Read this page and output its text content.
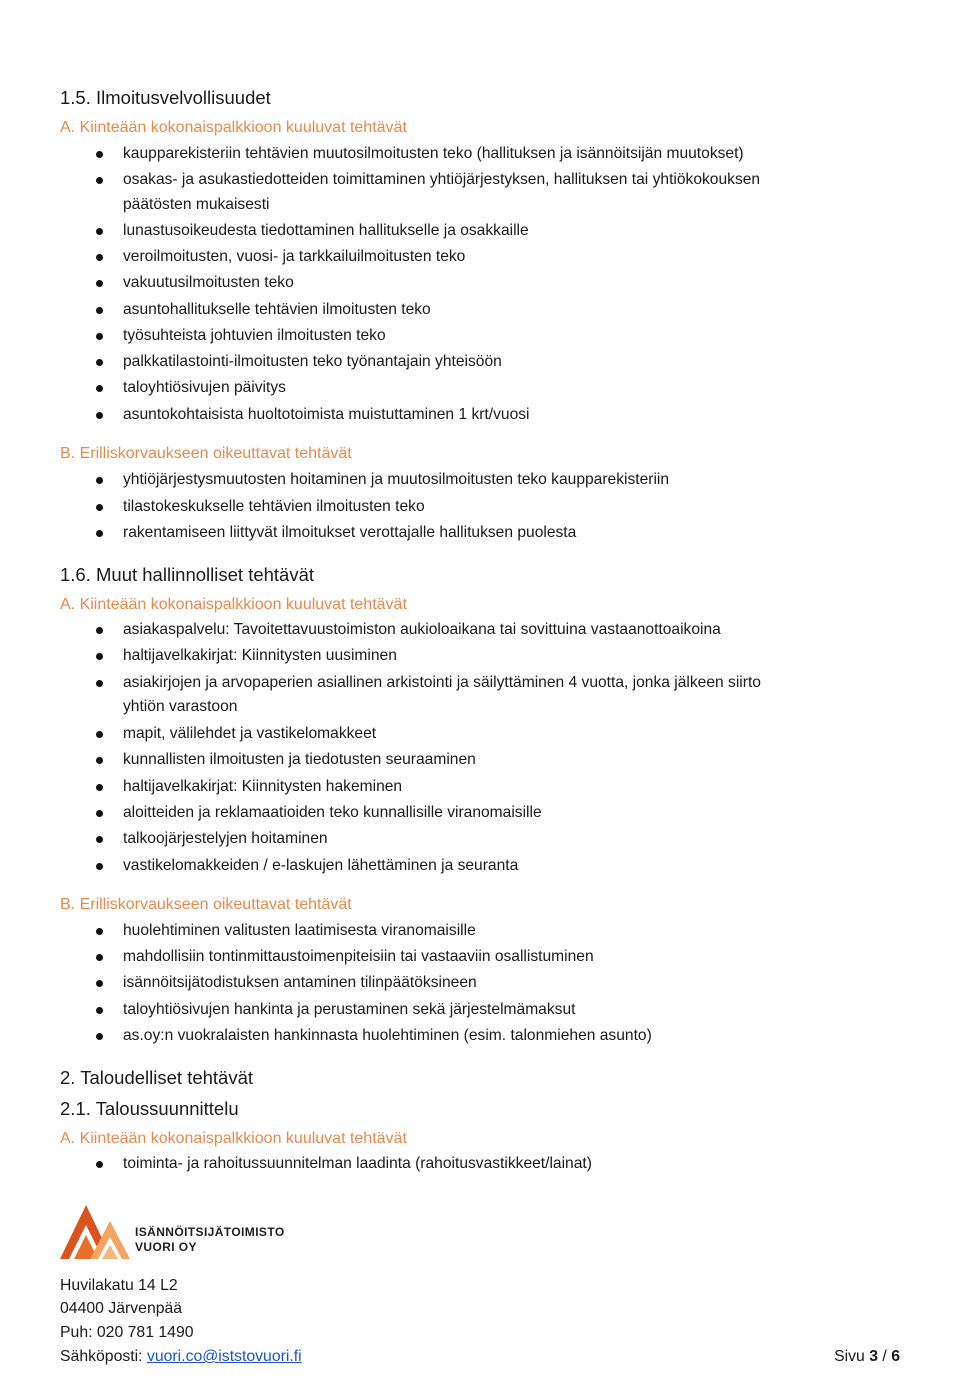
1.5. Ilmoitusvelvollisuudet
A. Kiinteään kokonaispalkkioon kuuluvat tehtävät
kaupparekisteriin tehtävien muutosilmoitusten teko (hallituksen ja isännöitsijän muutokset)
osakas- ja asukastiedotteiden toimittaminen yhtiöjärjestyksen, hallituksen tai yhtiökokouksen
päätösten mukaisesti
lunastusoikeudesta tiedottaminen hallitukselle ja osakkaille
veroilmoitusten, vuosi- ja tarkkailuilmoitusten teko
vakuutusilmoitusten teko
asuntohallitukselle tehtävien ilmoitusten teko
työsuhteista johtuvien ilmoitusten teko
palkkatilastointi-ilmoitusten teko työnantajain yhteisöön
taloyhtiösivujen päivitys
asuntokohtaisista huoltotoimista muistuttaminen 1 krt/vuosi
B. Erilliskorvaukseen oikeuttavat tehtävät
yhtiöjärjestysmuutosten hoitaminen ja muutosilmoitusten teko kaupparekisteriin
tilastokeskukselle tehtävien ilmoitusten teko
rakentamiseen liittyvät ilmoitukset verottajalle hallituksen puolesta
1.6. Muut hallinnolliset tehtävät
A. Kiinteään kokonaispalkkioon kuuluvat tehtävät
asiakaspalvelu: Tavoitettavuustoimiston aukioloaikana tai sovittuina vastaanottoaikoina
haltijavelkakirjat: Kiinnitysten uusiminen
asiakirjojen ja arvopaperien asiallinen arkistointi ja säilyttäminen 4 vuotta, jonka jälkeen siirto
yhtiön varastoon
mapit, välilehdet ja vastikelomakkeet
kunnallisten ilmoitusten ja tiedotusten seuraaminen
haltijavelkakirjat: Kiinnitysten hakeminen
aloitteiden ja reklamaatioiden teko kunnallisille viranomaisille
talkoojärjestelyjen hoitaminen
vastikelomakkeiden / e-laskujen lähettäminen ja seuranta
B. Erilliskorvaukseen oikeuttavat tehtävät
huolehtiminen valitusten laatimisesta viranomaisille
mahdollisiin tontinmittaustoimenpiteisiin tai vastaaviin osallistuminen
isännöitsijätodistuksen antaminen tilinpäätöksineen
taloyhtiösivujen hankinta ja perustaminen sekä järjestelmämaksut
as.oy:n vuokralaisten hankinnasta huolehtiminen (esim. talonmiehen asunto)
2. Taloudelliset tehtävät
2.1. Taloussuunnittelu
A. Kiinteään kokonaispalkkioon kuuluvat tehtävät
toiminta- ja rahoitussuunnitelman laadinta (rahoitusvastikkeet/lainat)
ISÄNNÖITSIJÄTOIMISTO
VUORI OY
Huvilakatu 14 L2
04400 Järvenpää
Puh: 020 781 1490
Sähköposti: vuori.co@iststovuori.fi	Sivu 3 / 6
